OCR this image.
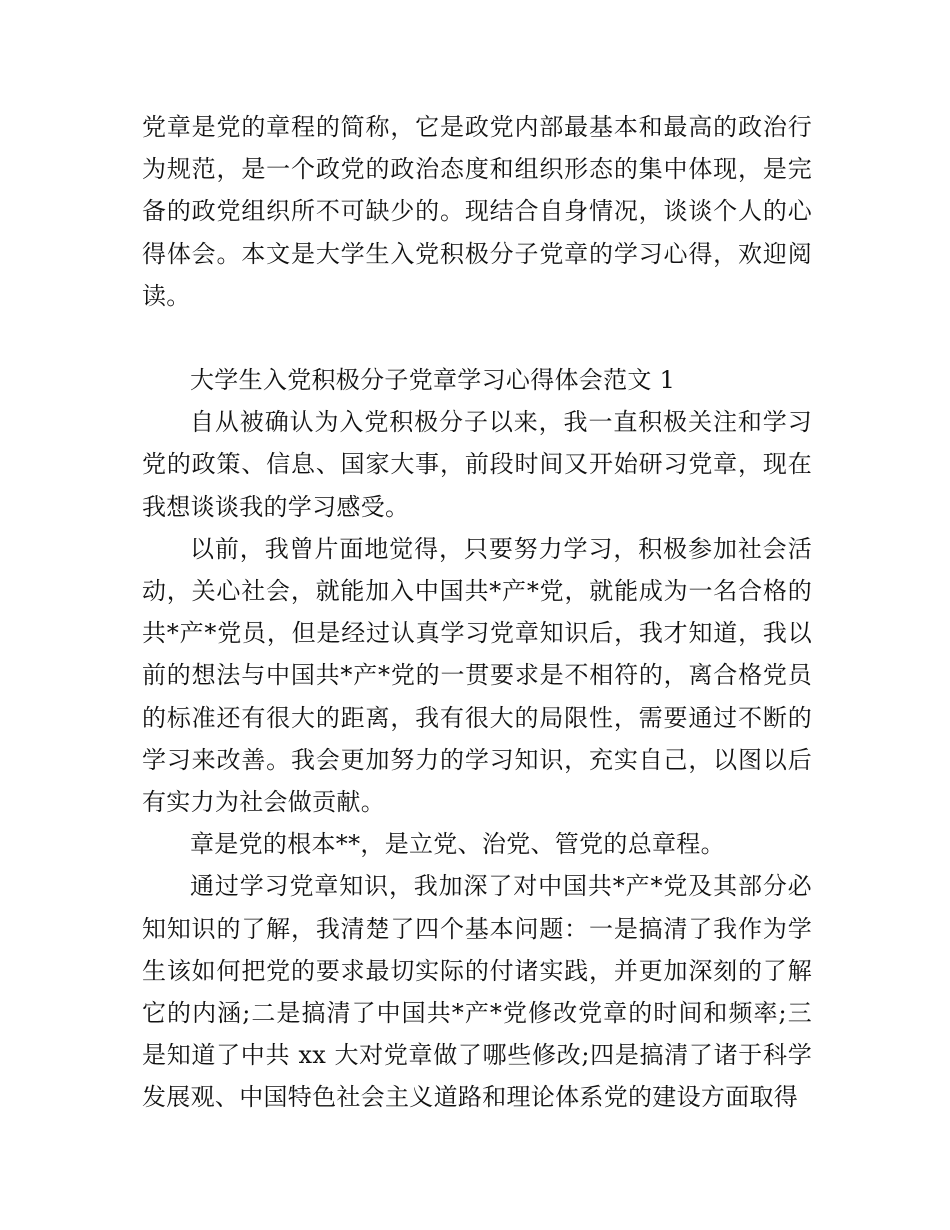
党章是党的章程的简称，它是政党内部最基本和最高的政治行为规范，是一个政党的政治态度和组织形态的集中体现，是完备的政党组织所不可缺少的。现结合自身情况，谈谈个人的心得体会。本文是大学生入党积极分子党章的学习心得，欢迎阅读。

大学生入党积极分子党章学习心得体会范文 1

自从被确认为入党积极分子以来，我一直积极关注和学习党的政策、信息、国家大事，前段时间又开始研习党章，现在我想谈谈我的学习感受。

以前，我曾片面地觉得，只要努力学习，积极参加社会活动，关心社会，就能加入中国共*产*党，就能成为一名合格的共*产*党员，但是经过认真学习党章知识后，我才知道，我以前的想法与中国共*产*党的一贯要求是不相符的，离合格党员的标准还有很大的距离，我有很大的局限性，需要通过不断的学习来改善。我会更加努力的学习知识，充实自己，以图以后有实力为社会做贡献。

章是党的根本**，是立党、治党、管党的总章程。

通过学习党章知识，我加深了对中国共*产*党及其部分必知知识的了解，我清楚了四个基本问题：一是搞清了我作为学生该如何把党的要求最切实际的付诸实践，并更加深刻的了解它的内涵;二是搞清了中国共*产*党修改党章的时间和频率;三是知道了中共 xx 大对党章做了哪些修改;四是搞清了诸于科学发展观、中国特色社会主义道路和理论体系党的建设方面取得
